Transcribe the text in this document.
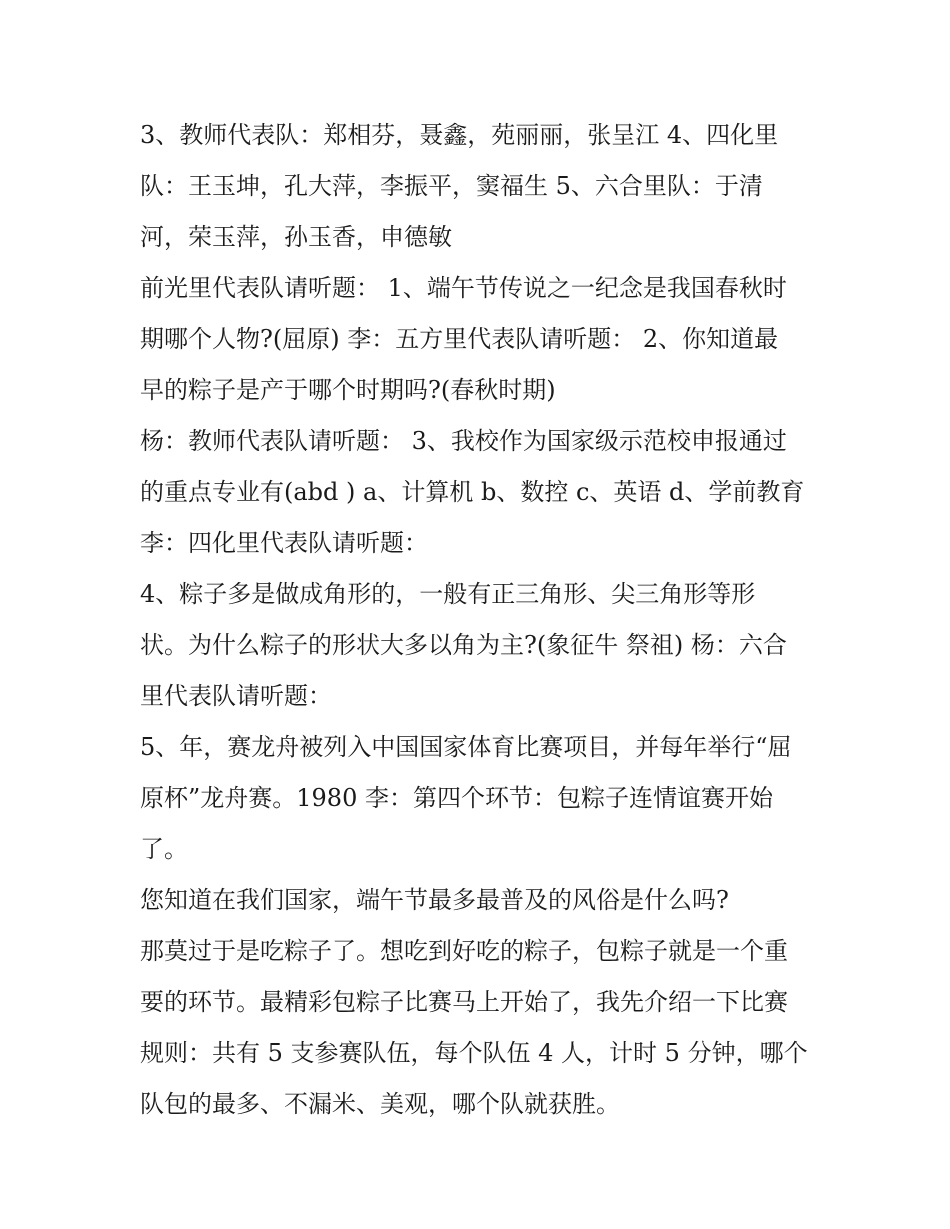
3、教师代表队：郑相芬，聂鑫，苑丽丽，张呈江 4、四化里
队：王玉坤，孔大萍，李振平，窦福生 5、六合里队：于清
河，荣玉萍，孙玉香，申德敏
前光里代表队请听题： 1、端午节传说之一纪念是我国春秋时
期哪个人物?(屈原) 李：五方里代表队请听题： 2、你知道最
早的粽子是产于哪个时期吗?(春秋时期)
杨：教师代表队请听题： 3、我校作为国家级示范校申报通过
的重点专业有(abd ) a、计算机 b、数控 c、英语 d、学前教育
李：四化里代表队请听题：
4、粽子多是做成角形的，一般有正三角形、尖三角形等形
状。为什么粽子的形状大多以角为主?(象征牛 祭祖) 杨：六合
里代表队请听题：
5、年，赛龙舟被列入中国国家体育比赛项目，并每年举行“屈
原杯”龙舟赛。1980 李：第四个环节：包粽子连情谊赛开始
了。
您知道在我们国家，端午节最多最普及的风俗是什么吗?
那莫过于是吃粽子了。想吃到好吃的粽子，包粽子就是一个重
要的环节。最精彩包粽子比赛马上开始了，我先介绍一下比赛
规则：共有 5 支参赛队伍，每个队伍 4 人，计时 5 分钟，哪个
队包的最多、不漏米、美观，哪个队就获胜。
